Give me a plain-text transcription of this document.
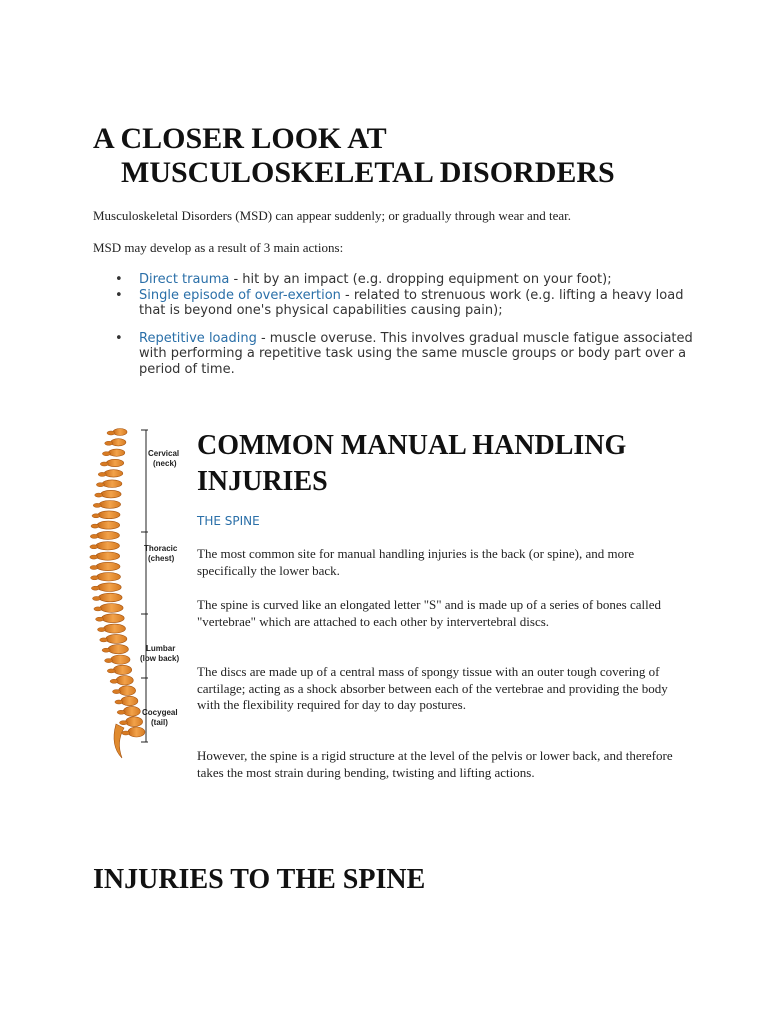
A CLOSER LOOK AT
MUSCULOSKELETAL DISORDERS

Musculoskeletal Disorders (MSD) can appear suddenly; or gradually through wear and tear.

MSD may develop as a result of 3 main actions:

• Direct trauma - hit by an impact (e.g. dropping equipment on your foot);
• Single episode of over-exertion - related to strenuous work (e.g. lifting a heavy load that is beyond one's physical capabilities causing pain);
• Repetitive loading - muscle overuse. This involves gradual muscle fatigue associated with performing a repetitive task using the same muscle groups or body part over a period of time.
Cervical
(neck)
Thoracic
(chest)
Lumbar
(low back)
Cocygeal
(tail)
COMMON MANUAL HANDLING INJURIES

THE SPINE

The most common site for manual handling injuries is the back (or spine), and more specifically the lower back.

The spine is curved like an elongated letter "S" and is made up of a series of bones called "vertebrae" which are attached to each other by intervertebral discs.

The discs are made up of a central mass of spongy tissue with an outer tough covering of cartilage; acting as a shock absorber between each of the vertebrae and providing the body with the flexibility required for day to day postures.

However, the spine is a rigid structure at the level of the pelvis or lower back, and therefore takes the most strain during bending, twisting and lifting actions.

INJURIES TO THE SPINE
